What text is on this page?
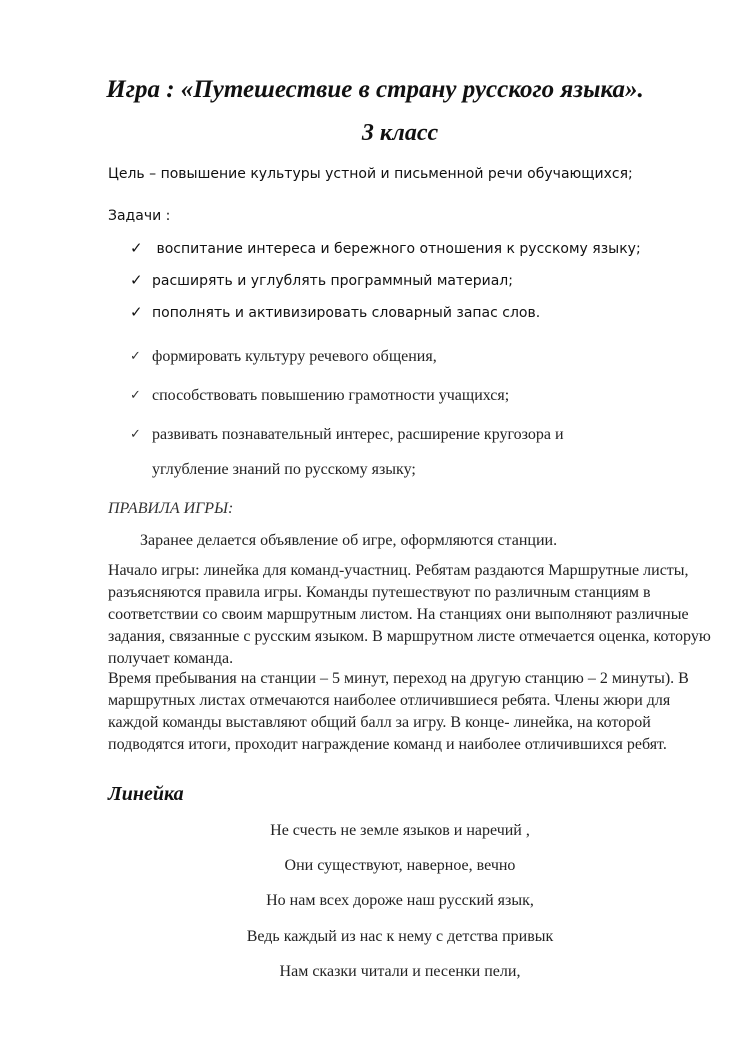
Игра : «Путешествие в страну русского языка».
3 класс
Цель – повышение культуры устной и письменной речи обучающихся;
Задачи :
✓ воспитание интереса и бережного отношения к русскому языку;
✓ расширять и углублять программный материал;
✓ пополнять и активизировать словарный запас слов.
✓ формировать культуру речевого общения,
✓ способствовать повышению грамотности учащихся;
✓ развивать познавательный интерес, расширение кругозора и
углубление знаний по русскому языку;
ПРАВИЛА ИГРЫ:
Заранее делается объявление об игре, оформляются станции.
Начало игры: линейка для команд-участниц. Ребятам раздаются Маршрутные листы, разъясняются правила игры. Команды путешествуют по различным станциям в соответствии со своим маршрутным листом. На станциях они выполняют различные задания, связанные с русским языком. В маршрутном листе отмечается оценка, которую получает команда.
Время пребывания на станции – 5 минут, переход на другую станцию – 2 минуты). В маршрутных листах отмечаются наиболее отличившиеся ребята. Члены жюри для каждой команды выставляют общий балл за игру. В конце- линейка, на которой подводятся итоги, проходит награждение команд и наиболее отличившихся ребят.
Линейка
Не счесть не земле языков и наречий ,
Они существуют, наверное, вечно
Но нам всех дороже наш русский язык,
Ведь каждый из нас к нему с детства привык
Нам сказки читали и песенки пели,
